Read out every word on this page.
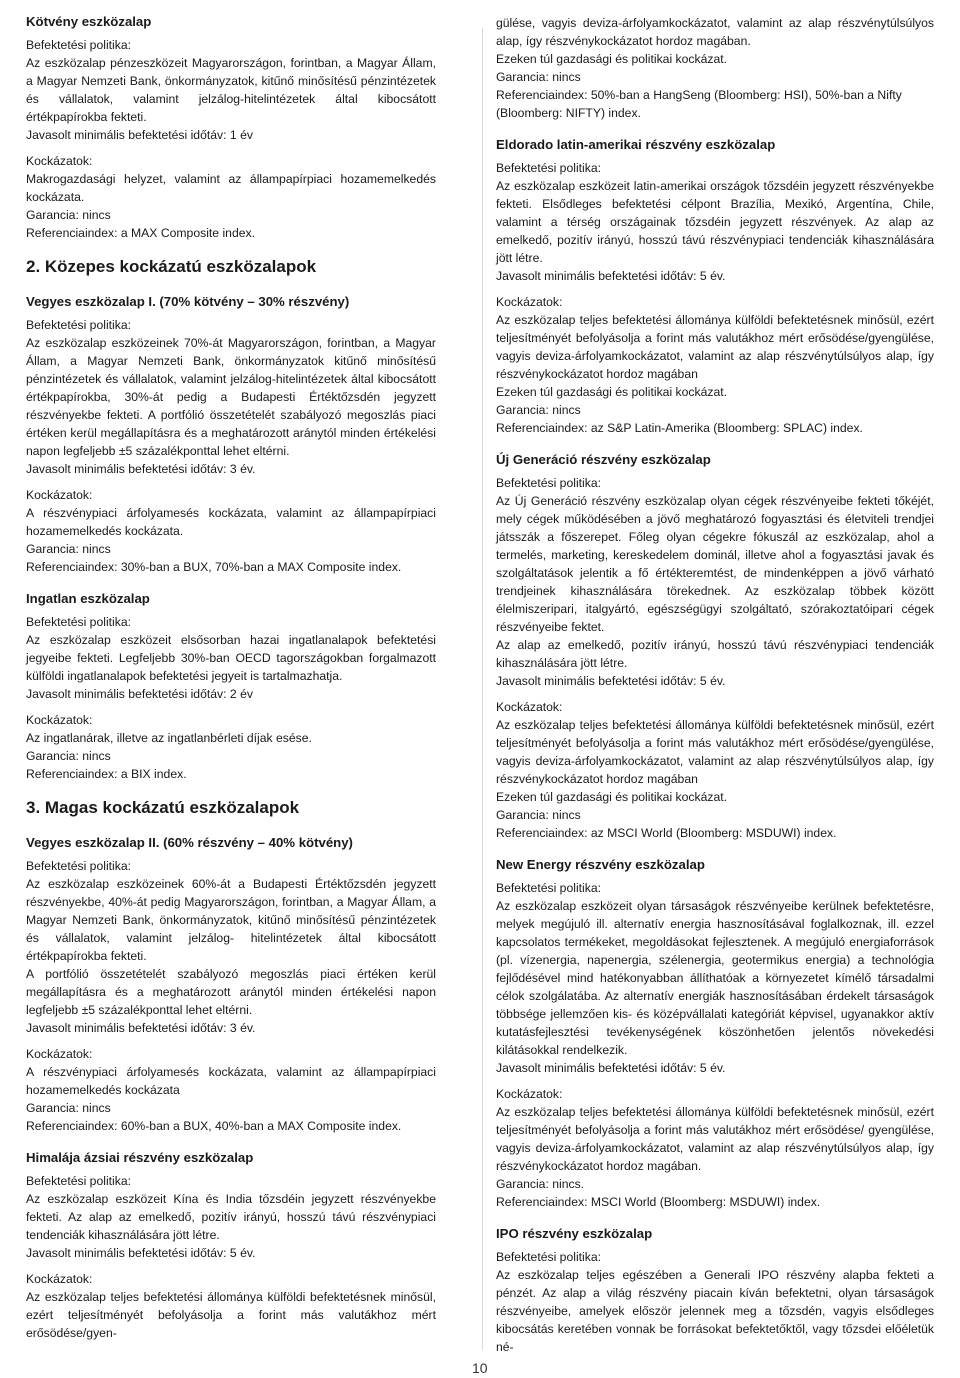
Kötvény eszközalap
Befektetési politika:

Az eszközalap pénzeszközeit Magyarországon, forintban, a Magyar Állam, a Magyar Nemzeti Bank, önkormányzatok, kitűnő minősítésű pénzintézetek és vállalatok, valamint jelzálog-hitelintézetek által kibocsátott értékpapírokba fekteti.

Javasolt minimális befektetési időtáv: 1 év
Kockázatok:

Makrogazdasági helyzet, valamint az állampapírpiaci hozamemelkedés kockázata.

Garancia: nincs
Referenciaindex: a MAX Composite index.
2. Közepes kockázatú eszközalapok
Vegyes eszközalap I. (70% kötvény – 30% részvény)
Befektetési politika:

Az eszközalap eszközeinek 70%-át Magyarországon, forintban, a Magyar Állam, a Magyar Nemzeti Bank, önkormányzatok kitűnő minősítésű pénzintézetek és vállalatok, valamint jelzálog-hitelintézetek által kibocsátott értékpapírokba, 30%-át pedig a Budapesti Értéktőzsdén jegyzett részvényekbe fekteti. A portfólió összetételét szabályozó megoszlás piaci értéken kerül megállapításra és a meghatározott aránytól minden értékelési napon legfeljebb ±5 százalékponttal lehet eltérni.

Javasolt minimális befektetési időtáv: 3 év.
Kockázatok:

A részvénypiaci árfolyamesés kockázata, valamint az állampapírpiaci hozamemelkedés kockázata.

Garancia: nincs
Referenciaindex: 30%-ban a BUX, 70%-ban a MAX Composite index.
Ingatlan eszközalap
Befektetési politika:

Az eszközalap eszközeit elsősorban hazai ingatlanalapok befektetési jegyeibe fekteti. Legfeljebb 30%-ban OECD tagországokban forgalmazott külföldi ingatlanalapok befektetési jegyeit is tartalmazhatja.

Javasolt minimális befektetési időtáv: 2 év
Kockázatok:

Az ingatlanárak, illetve az ingatlanbérleti díjak esése.

Garancia: nincs
Referenciaindex: a BIX index.
3. Magas kockázatú eszközalapok
Vegyes eszközalap II. (60% részvény – 40% kötvény)
Befektetési politika:

Az eszközalap eszközeinek 60%-át a Budapesti Értéktőzsdén jegyzett részvényekbe, 40%-át pedig Magyarországon, forintban, a Magyar Állam, a Magyar Nemzeti Bank, önkormányzatok, kitűnő minősítésű pénzintézetek és vállalatok, valamint jelzálog- hitelintézetek által kibocsátott értékpapírokba fekteti.

A portfólió összetételét szabályozó megoszlás piaci értéken kerül megállapításra és a meghatározott aránytól minden értékelési napon legfeljebb ±5 százalékponttal lehet eltérni.

Javasolt minimális befektetési időtáv: 3 év.
Kockázatok:

A részvénypiaci árfolyamesés kockázata, valamint az állampapírpiaci hozamemelkedés kockázata

Garancia: nincs
Referenciaindex: 60%-ban a BUX, 40%-ban a MAX Composite index.
Himalája ázsiai részvény eszközalap
Befektetési politika:

Az eszközalap eszközeit Kína és India tőzsdéin jegyzett részvényekbe fekteti. Az alap az emelkedő, pozitív irányú, hosszú távú részvénypiaci tendenciák kihasználására jött létre.

Javasolt minimális befektetési időtáv: 5 év.
Kockázatok:

Az eszközalap teljes befektetési állománya külföldi befektetésnek minősül, ezért teljesítményét befolyásolja a forint más valutákhoz mért erősödése/gyen-

gülése, vagyis deviza-árfolyamkockázatot, valamint az alap részvénytúlsúlyos alap, így részvénykockázatot hordoz magában.

Ezeken túl gazdasági és politikai kockázat.

Garancia: nincs
Referenciaindex: 50%-ban a HangSeng (Bloomberg: HSI), 50%-ban a Nifty (Bloomberg: NIFTY) index.
Eldorado latin-amerikai részvény eszközalap
Befektetési politika:

Az eszközalap eszközeit latin-amerikai országok tőzsdéin jegyzett részvényekbe fekteti. Elsődleges befektetési célpont Brazília, Mexikó, Argentína, Chile, valamint a térség országainak tőzsdéin jegyzett részvények. Az alap az emelkedő, pozitív irányú, hosszú távú részvénypiaci tendenciák kihasználására jött létre.

Javasolt minimális befektetési időtáv: 5 év.
Kockázatok:

Az eszközalap teljes befektetési állománya külföldi befektetésnek minősül, ezért teljesítményét befolyásolja a forint más valutákhoz mért erősödése/gyengülése, vagyis deviza-árfolyamkockázatot, valamint az alap részvénytúlsúlyos alap, így részvénykockázatot hordoz magában

Ezeken túl gazdasági és politikai kockázat.

Garancia: nincs
Referenciaindex: az S&P Latin-Amerika (Bloomberg: SPLAC) index.
Új Generáció részvény eszközalap
Befektetési politika:

Az Új Generáció részvény eszközalap olyan cégek részvényeibe fekteti tőkéjét, mely cégek működésében a jövő meghatározó fogyasztási és életviteli trendjei játsszák a főszerepet. Főleg olyan cégekre fókuszál az eszközalap, ahol a termelés, marketing, kereskedelem dominál, illetve ahol a fogyasztási javak és szolgáltatások jelentik a fő értékteremtést, de mindenképpen a jövő várható trendjeinek kihasználására törekednek. Az eszközalap többek között élelmiszeripari, italgyártó, egészségügyi szolgáltató, szórakoztatóipari cégek részvényeibe fektet.

Az alap az emelkedő, pozitív irányú, hosszú távú részvénypiaci tendenciák kihasználására jött létre.

Javasolt minimális befektetési időtáv: 5 év.
Kockázatok:

Az eszközalap teljes befektetési állománya külföldi befektetésnek minősül, ezért teljesítményét befolyásolja a forint más valutákhoz mért erősödése/gyengülése, vagyis deviza-árfolyamkockázatot, valamint az alap részvénytúlsúlyos alap, így részvénykockázatot hordoz magában

Ezeken túl gazdasági és politikai kockázat.

Garancia: nincs
Referenciaindex: az MSCI World (Bloomberg: MSDUWI) index.
New Energy részvény eszközalap
Befektetési politika:

Az eszközalap eszközeit olyan társaságok részvényeibe kerülnek befektetésre, melyek megújuló ill. alternatív energia hasznosításával foglalkoznak, ill. ezzel kapcsolatos termékeket, megoldásokat fejlesztenek. A megújuló energiaforrások (pl. vízenergia, napenergia, szélenergia, geotermikus energia) a technológia fejlődésével mind hatékonyabban állíthatóak a környezetet kímélő társadalmi célok szolgálatába. Az alternatív energiák hasznosításában érdekelt társaságok többsége jellemzően kis- és középvállalati kategóriát képvisel, ugyanakkor aktív kutatásfejlesztési tevékenységének köszönhetően jelentős növekedési kilátásokkal rendelkezik.

Javasolt minimális befektetési időtáv: 5 év.
Kockázatok:

Az eszközalap teljes befektetési állománya külföldi befektetésnek minősül, ezért teljesítményét befolyásolja a forint más valutákhoz mért erősödése/ gyengülése, vagyis deviza-árfolyamkockázatot, valamint az alap részvénytúlsúlyos alap, így részvénykockázatot hordoz magában.

Garancia: nincs.
Referenciaindex: MSCI World (Bloomberg: MSDUWI) index.
IPO részvény eszközalap
Befektetési politika:

Az eszközalap teljes egészében a Generali IPO részvény alapba fekteti a pénzét. Az alap a világ részvény piacain kíván befektetni, olyan társaságok részvényeibe, amelyek először jelennek meg a tőzsdén, vagyis elsődleges kibocsátás keretében vonnak be forrásokat befektetőktől, vagy tőzsdei előéletük né-

10
